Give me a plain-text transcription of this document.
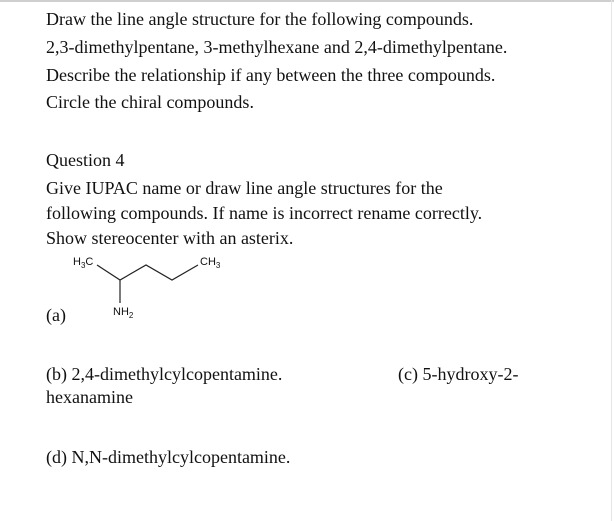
Draw the line angle structure for the following compounds.
2,3-dimethylpentane, 3-methylhexane and 2,4-dimethylpentane.
Describe the relationship if any between the three compounds.
Circle the chiral compounds.
Question 4
Give IUPAC name or draw line angle structures for the
following compounds. If name is incorrect rename correctly.
Show stereocenter with an asterix.
$H_3C$	$CH_3$
$NH_2$
(a)
(b) 2,4-dimethylcylcopentamine.	(c) 5-hydroxy-2-
hexanamine
(d) N,N-dimethylcylcopentamine.
